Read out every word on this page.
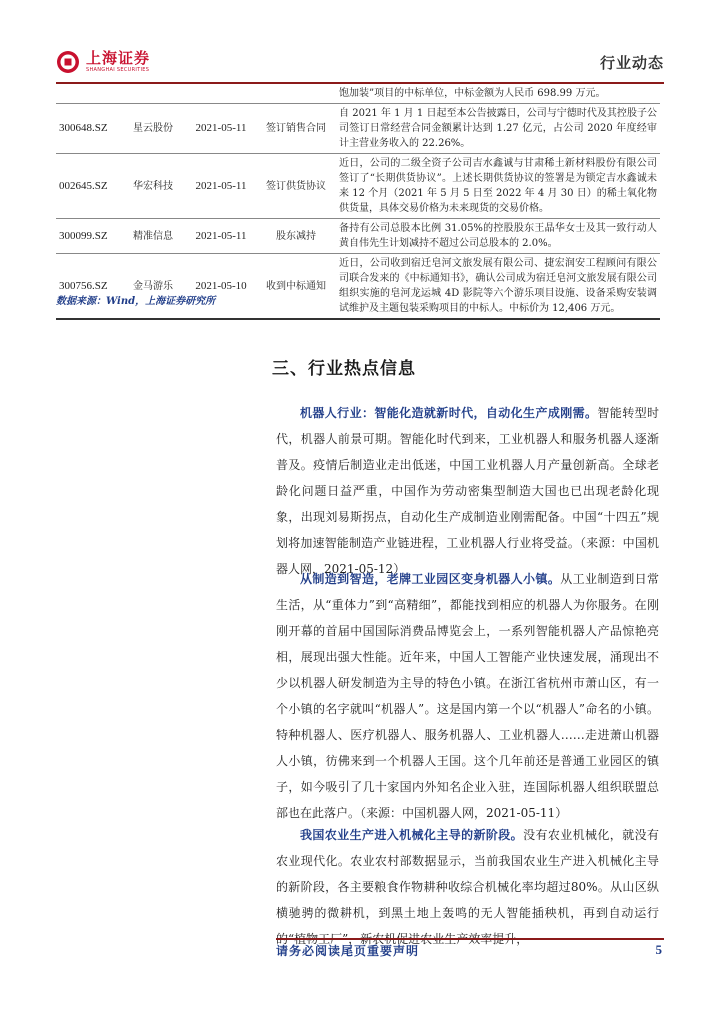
上海证券
SHANGHAI SECURITIES	行业动态
				饱加装”项目的中标单位，中标金额为人民币 698.99 万元。
300648.SZ	星云股份	2021-05-11	签订销售合同	自 2021 年 1 月 1 日起至本公告披露日，公司与宁德时代及其控股子公司签订日常经营合同金额累计达到 1.27 亿元，占公司 2020 年度经审计主营业务收入的 22.26%。
002645.SZ	华宏科技	2021-05-11	签订供货协议	近日，公司的二级全资子公司吉水鑫诚与甘肃稀土新材料股份有限公司签订了“长期供货协议”。上述长期供货协议的签署是为锁定吉水鑫诚未来 12 个月（2021 年 5 月 5 日至 2022 年 4 月 30 日）的稀土氧化物供货量，具体交易价格为未来现货的交易价格。
300099.SZ	精准信息	2021-05-11	股东减持	备持有公司总股本比例 31.05%的控股股东王晶华女士及其一致行动人黄自伟先生计划减持不超过公司总股本的 2.0%。
300756.SZ	金马游乐	2021-05-10	收到中标通知	近日，公司收到宿迁皂河文旅发展有限公司、捷宏润安工程顾问有限公司联合发来的《中标通知书》，确认公司成为宿迁皂河文旅发展有限公司组织实施的皂河龙运城 4D 影院等六个游乐项目设施、设备采购安装调试维护及主题包装采购项目的中标人。中标价为 12,406 万元。
数据来源：Wind，上海证券研究所
三、行业热点信息

机器人行业：智能化造就新时代，自动化生产成刚需。智能转型时代，机器人前景可期。智能化时代到来，工业机器人和服务机器人逐渐普及。疫情后制造业走出低迷，中国工业机器人月产量创新高。全球老龄化问题日益严重，中国作为劳动密集型制造大国也已出现老龄化现象，出现刘易斯拐点，自动化生产成制造业刚需配备。中国“十四五”规划将加速智能制造产业链进程，工业机器人行业将受益。（来源：中国机器人网，2021-05-12）

从制造到智造，老牌工业园区变身机器人小镇。从工业制造到日常生活，从“重体力”到“高精细”，都能找到相应的机器人为你服务。在刚刚开幕的首届中国国际消费品博览会上，一系列智能机器人产品惊艳亮相，展现出强大性能。近年来，中国人工智能产业快速发展，涌现出不少以机器人研发制造为主导的特色小镇。在浙江省杭州市萧山区，有一个小镇的名字就叫“机器人”。这是国内第一个以“机器人”命名的小镇。特种机器人、医疗机器人、服务机器人、工业机器人……走进萧山机器人小镇，彷佛来到一个机器人王国。这个几年前还是普通工业园区的镇子，如今吸引了几十家国内外知名企业入驻，连国际机器人组织联盟总部也在此落户。（来源：中国机器人网，2021-05-11）

我国农业生产进入机械化主导的新阶段。没有农业机械化，就没有农业现代化。农业农村部数据显示，当前我国农业生产进入机械化主导的新阶段，各主要粮食作物耕种收综合机械化率均超过80%。从山区纵横驰骋的微耕机，到黑土地上轰鸣的无人智能插秧机，再到自动运行的“植物工厂”，新农机促进农业生产效率提升，

请务必阅读尾页重要声明	5
